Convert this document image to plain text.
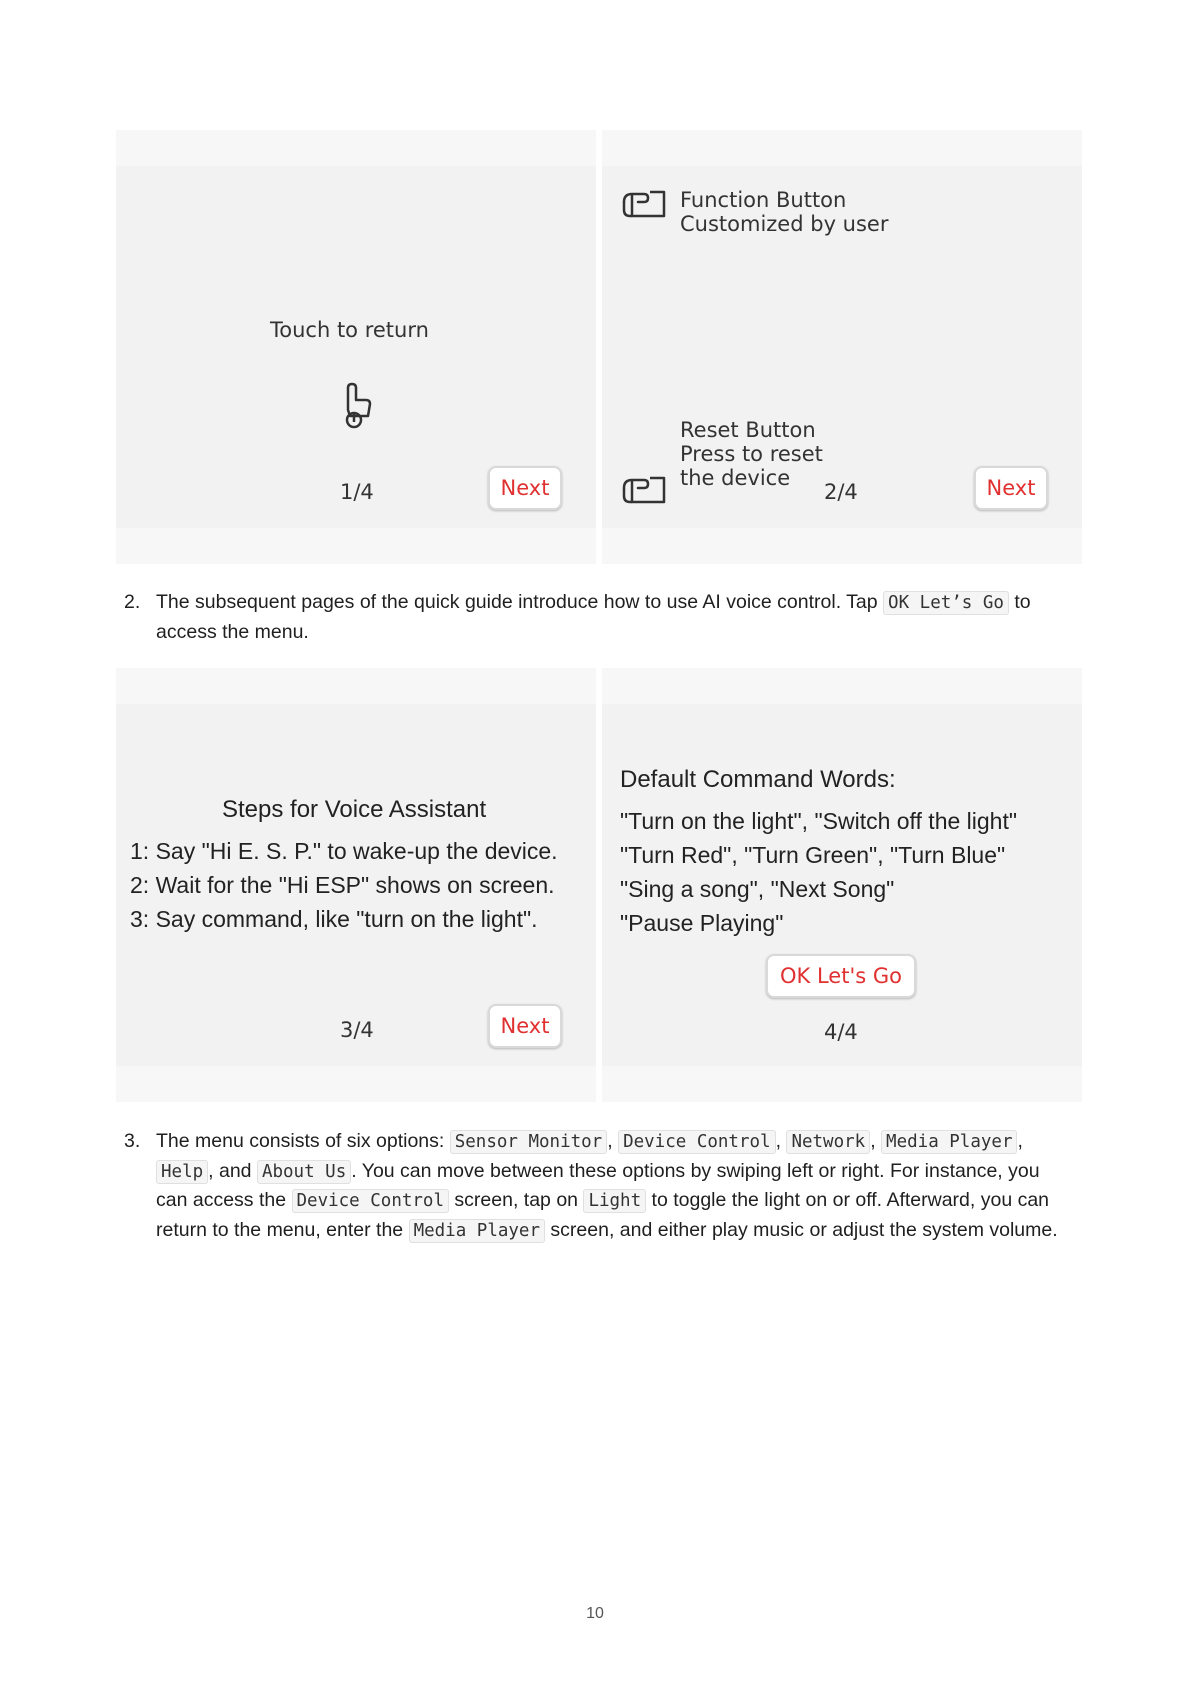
Touch to return
1/4	Next
Function Button
Customized by user
Reset Button
Press to reset
the device
2/4	Next
2. The subsequent pages of the quick guide introduce how to use AI voice control. Tap OK Let’s Go to access the menu.
Steps for Voice Assistant
1: Say "Hi E. S. P." to wake-up the device.
2: Wait for the "Hi ESP" shows on screen.
3: Say command, like "turn on the light".
3/4	Next
Default Command Words:
"Turn on the light", "Switch off the light"
"Turn Red", "Turn Green", "Turn Blue"
"Sing a song", "Next Song"
"Pause Playing"
OK Let's Go
4/4
3. The menu consists of six options: Sensor Monitor , Device Control , Network , Media Player , Help , and About Us . You can move between these options by swiping left or right. For instance, you can access the Device Control screen, tap on Light to toggle the light on or off. Afterward, you can return to the menu, enter the Media Player screen, and either play music or adjust the system volume.
10
